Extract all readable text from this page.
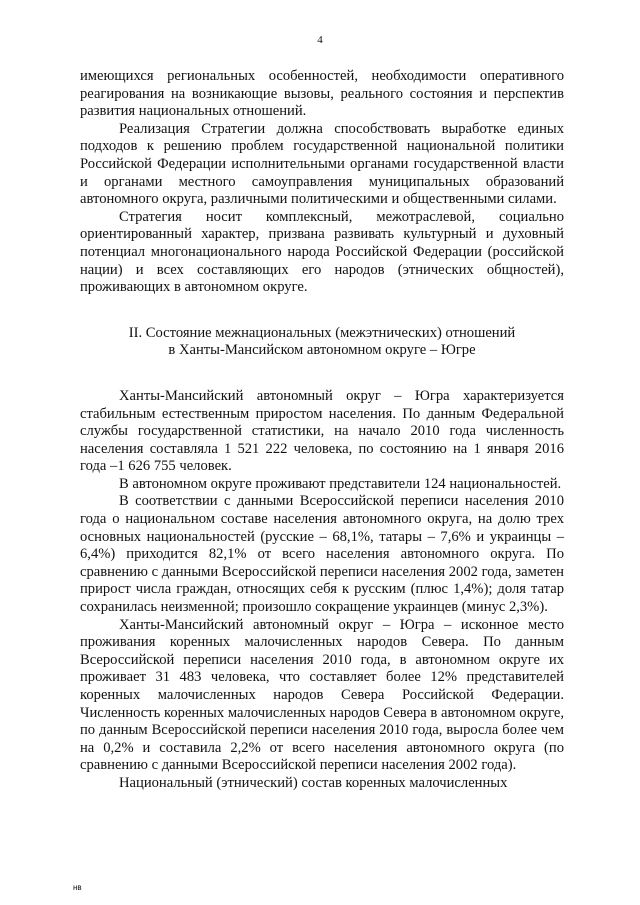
4

имеющихся региональных особенностей, необходимости оперативного реагирования на возникающие вызовы, реального состояния и перспектив развития национальных отношений.

Реализация Стратегии должна способствовать выработке единых подходов к решению проблем государственной национальной политики Российской Федерации исполнительными органами государственной власти и органами местного самоуправления муниципальных образований автономного округа, различными политическими и общественными силами.

Стратегия носит комплексный, межотраслевой, социально ориентированный характер, призвана развивать культурный и духовный потенциал многонационального народа Российской Федерации (российской нации) и всех составляющих его народов (этнических общностей), проживающих в автономном округе.

II. Состояние межнациональных (межэтнических) отношений
в Ханты-Мансийском автономном округе – Югре

Ханты-Мансийский автономный округ – Югра характеризуется стабильным естественным приростом населения. По данным Федеральной службы государственной статистики, на начало 2010 года численность населения составляла 1 521 222 человека, по состоянию на 1 января 2016 года –1 626 755 человек.

В автономном округе проживают представители 124 национальностей.

В соответствии с данными Всероссийской переписи населения 2010 года о национальном составе населения автономного округа, на долю трех основных национальностей (русские – 68,1%, татары – 7,6% и украинцы – 6,4%) приходится 82,1% от всего населения автономного округа. По сравнению с данными Всероссийской переписи населения 2002 года, заметен прирост числа граждан, относящих себя к русским (плюс 1,4%); доля татар сохранилась неизменной; произошло сокращение украинцев (минус 2,3%).

Ханты-Мансийский автономный округ – Югра – исконное место проживания коренных малочисленных народов Севера. По данным Всероссийской переписи населения 2010 года, в автономном округе их проживает 31 483 человека, что составляет более 12% представителей коренных малочисленных народов Севера Российской Федерации. Численность коренных малочисленных народов Севера в автономном округе, по данным Всероссийской переписи населения 2010 года, выросла более чем на 0,2% и составила 2,2% от всего населения автономного округа (по сравнению с данными Всероссийской переписи населения 2002 года).

Национальный (этнический) состав коренных малочисленных

нв
